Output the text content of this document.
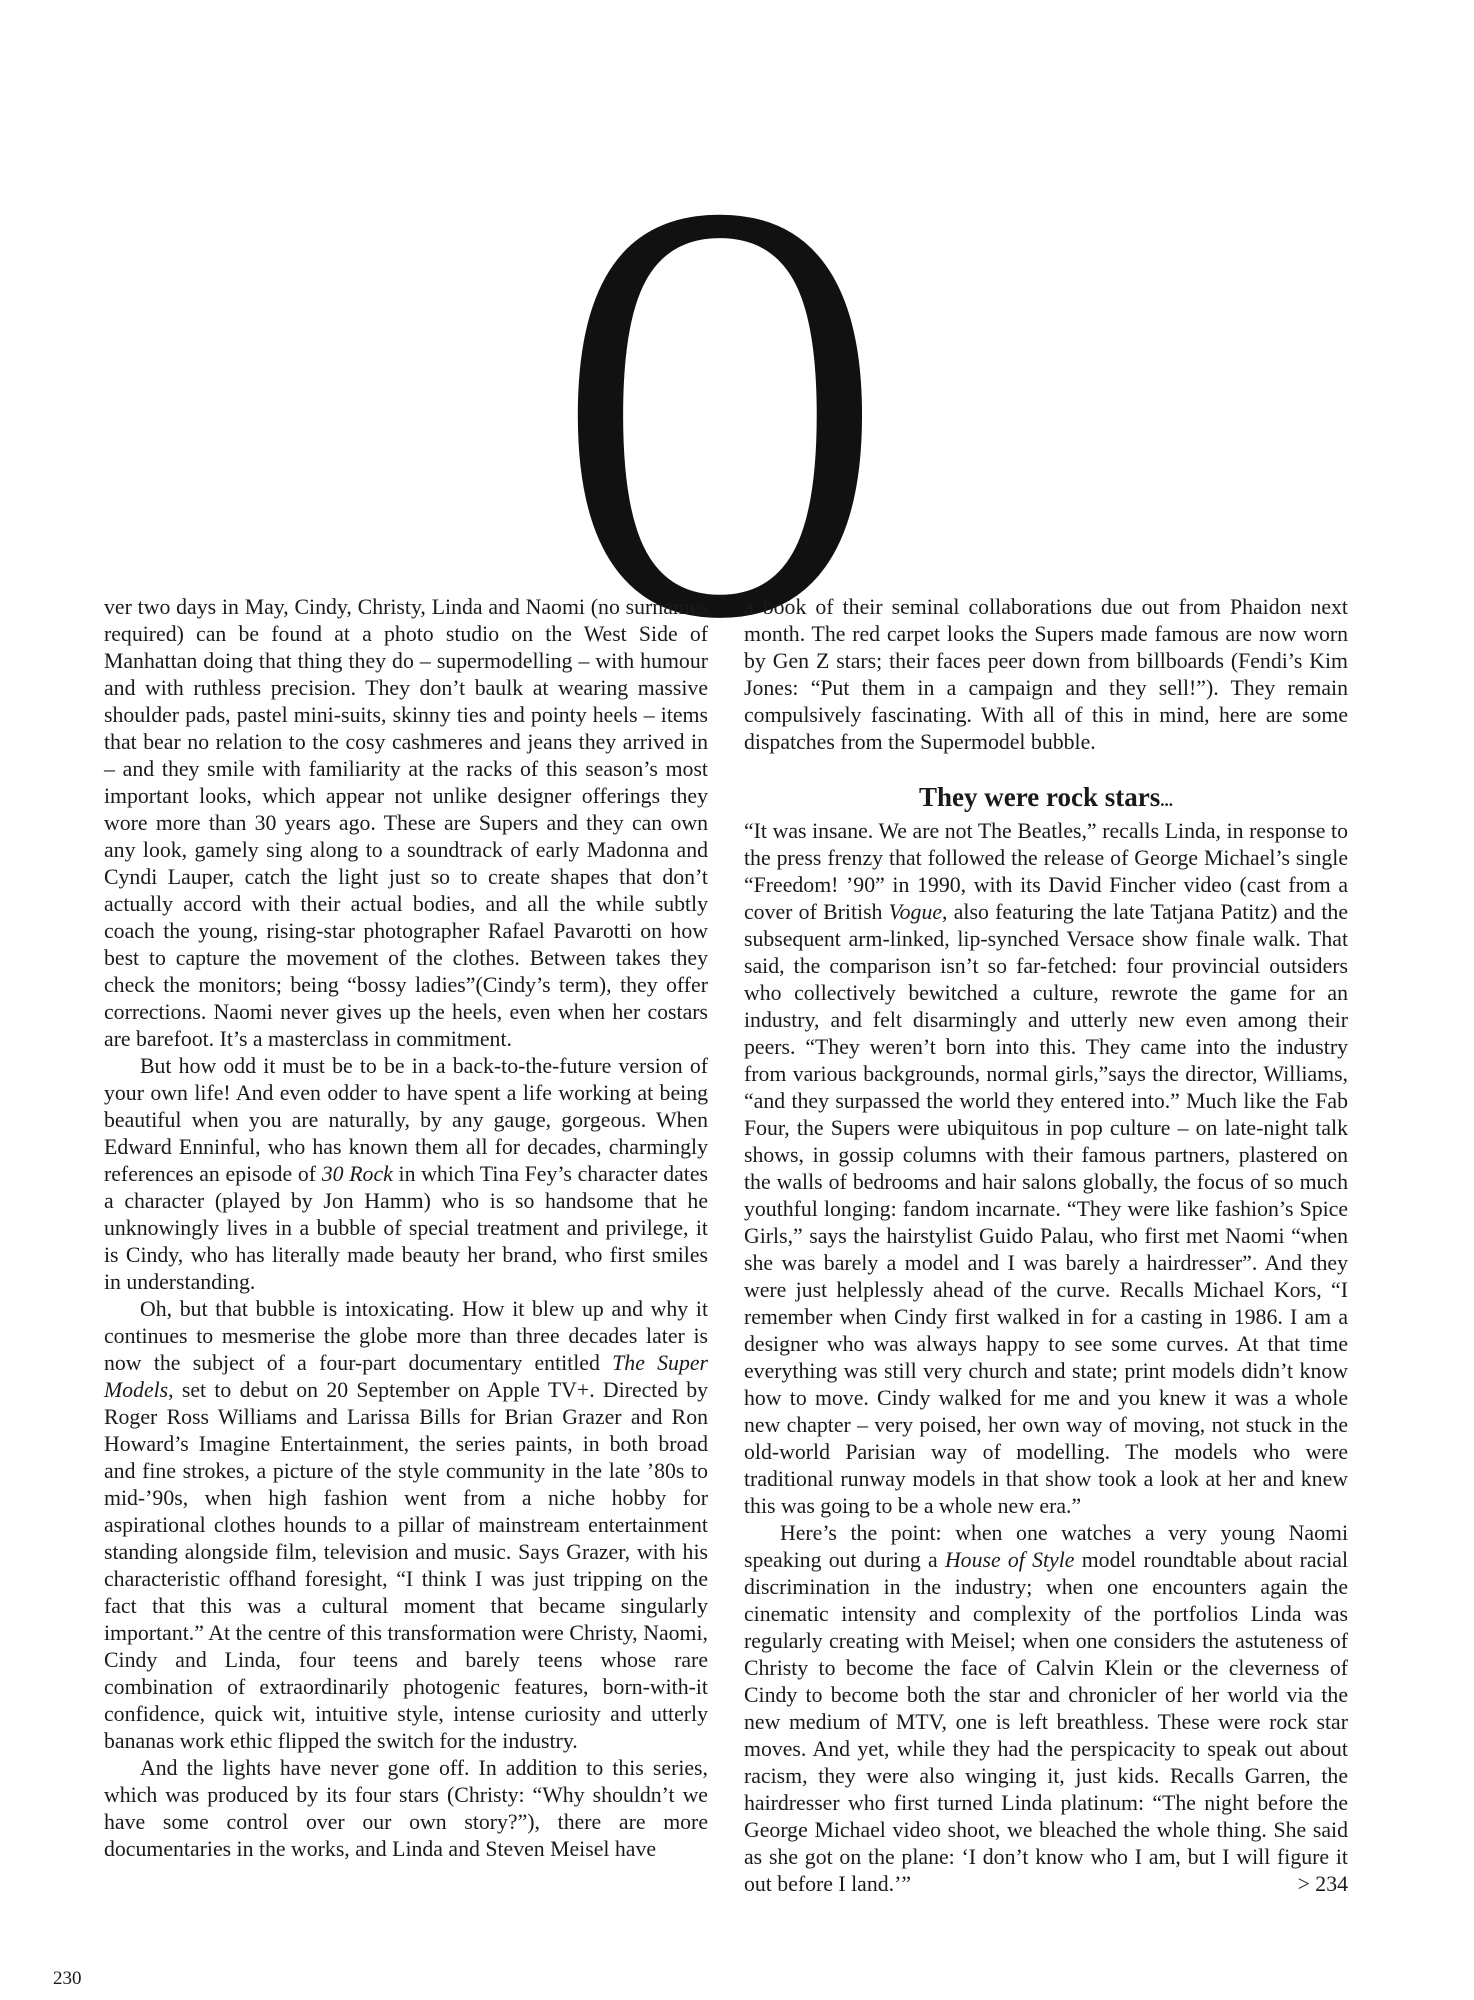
O

ver two days in May, Cindy, Christy, Linda and Naomi (no surnames required) can be found at a photo studio on the West Side of Manhattan doing that thing they do – supermodelling – with humour and with ruthless precision. They don’t baulk at wearing massive shoulder pads, pastel mini-suits, skinny ties and pointy heels – items that bear no relation to the cosy cashmeres and jeans they arrived in – and they smile with familiarity at the racks of this season’s most important looks, which appear not unlike designer offerings they wore more than 30 years ago. These are Supers and they can own any look, gamely sing along to a soundtrack of early Madonna and Cyndi Lauper, catch the light just so to create shapes that don’t actually accord with their actual bodies, and all the while subtly coach the young, rising-star photographer Rafael Pavarotti on how best to capture the movement of the clothes. Between takes they check the monitors; being “bossy ladies”(Cindy’s term), they offer corrections. Naomi never gives up the heels, even when her costars are barefoot. It’s a masterclass in commitment.

But how odd it must be to be in a back-to-the-future version of your own life! And even odder to have spent a life working at being beautiful when you are naturally, by any gauge, gorgeous. When Edward Enninful, who has known them all for decades, charmingly references an episode of 30 Rock in which Tina Fey’s character dates a character (played by Jon Hamm) who is so handsome that he unknowingly lives in a bubble of special treatment and privilege, it is Cindy, who has literally made beauty her brand, who first smiles in understanding.

Oh, but that bubble is intoxicating. How it blew up and why it continues to mesmerise the globe more than three decades later is now the subject of a four-part documentary entitled The Super Models, set to debut on 20 September on Apple TV+. Directed by Roger Ross Williams and Larissa Bills for Brian Grazer and Ron Howard’s Imagine Entertainment, the series paints, in both broad and fine strokes, a picture of the style community in the late ’80s to mid-’90s, when high fashion went from a niche hobby for aspirational clothes hounds to a pillar of mainstream entertainment standing alongside film, television and music. Says Grazer, with his characteristic offhand foresight, “I think I was just tripping on the fact that this was a cultural moment that became singularly important.” At the centre of this transformation were Christy, Naomi, Cindy and Linda, four teens and barely teens whose rare combination of extraordinarily photogenic features, born-with-it confidence, quick wit, intuitive style, intense curiosity and utterly bananas work ethic flipped the switch for the industry.

And the lights have never gone off. In addition to this series, which was produced by its four stars (Christy: “Why shouldn’t we have some control over our own story?”), there are more documentaries in the works, and Linda and Steven Meisel have

a book of their seminal collaborations due out from Phaidon next month. The red carpet looks the Supers made famous are now worn by Gen Z stars; their faces peer down from billboards (Fendi’s Kim Jones: “Put them in a campaign and they sell!”). They remain compulsively fascinating. With all of this in mind, here are some dispatches from the Supermodel bubble.

They were rock stars...

“It was insane. We are not The Beatles,” recalls Linda, in response to the press frenzy that followed the release of George Michael’s single “Freedom! ’90” in 1990, with its David Fincher video (cast from a cover of British Vogue, also featuring the late Tatjana Patitz) and the subsequent arm-linked, lip-synched Versace show finale walk. That said, the comparison isn’t so far-fetched: four provincial outsiders who collectively bewitched a culture, rewrote the game for an industry, and felt disarmingly and utterly new even among their peers. “They weren’t born into this. They came into the industry from various backgrounds, normal girls,”says the director, Williams, “and they surpassed the world they entered into.” Much like the Fab Four, the Supers were ubiquitous in pop culture – on late-night talk shows, in gossip columns with their famous partners, plastered on the walls of bedrooms and hair salons globally, the focus of so much youthful longing: fandom incarnate. “They were like fashion’s Spice Girls,” says the hairstylist Guido Palau, who first met Naomi “when she was barely a model and I was barely a hairdresser”. And they were just helplessly ahead of the curve. Recalls Michael Kors, “I remember when Cindy first walked in for a casting in 1986. I am a designer who was always happy to see some curves. At that time everything was still very church and state; print models didn’t know how to move. Cindy walked for me and you knew it was a whole new chapter – very poised, her own way of moving, not stuck in the old-world Parisian way of modelling. The models who were traditional runway models in that show took a look at her and knew this was going to be a whole new era.”

Here’s the point: when one watches a very young Naomi speaking out during a House of Style model roundtable about racial discrimination in the industry; when one encounters again the cinematic intensity and complexity of the portfolios Linda was regularly creating with Meisel; when one considers the astuteness of Christy to become the face of Calvin Klein or the cleverness of Cindy to become both the star and chronicler of her world via the new medium of MTV, one is left breathless. These were rock star moves. And yet, while they had the perspicacity to speak out about racism, they were also winging it, just kids. Recalls Garren, the hairdresser who first turned Linda platinum: “The night before the George Michael video shoot, we bleached the whole thing. She said as she got on the plane: ‘I don’t know who I am, but I will figure it out before I land.’”	> 234

230
